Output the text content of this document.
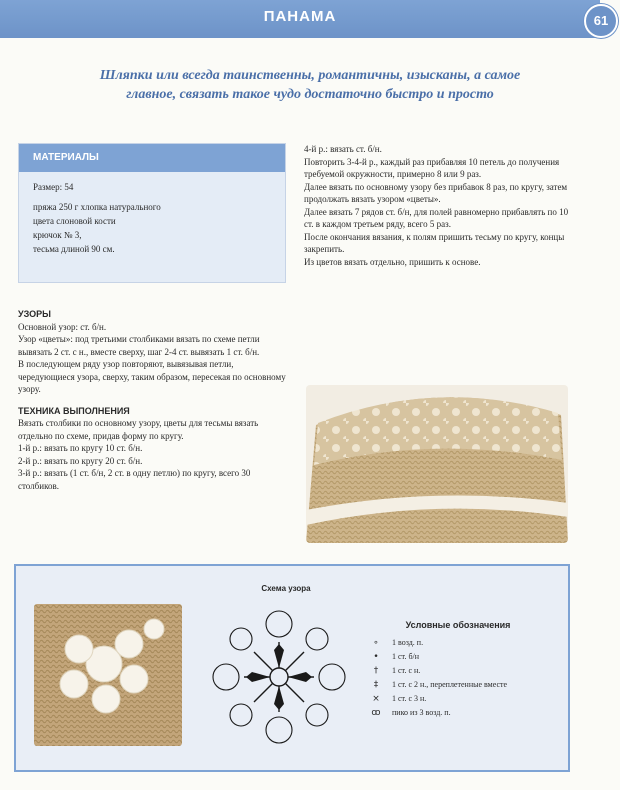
ПАНАМА	61
Шляпки или всегда таинственны, романтичны, изысканы, а самое главное, связать такое чудо достаточно быстро и просто
МАТЕРИАЛЫ

Размер: 54

пряжа 250 г хлопка натурального
цвета слоновой кости
крючок № 3,
тесьма длиной 90 см.

УЗОРЫ

Основной узор: ст. б/н.

Узор «цветы»: под третьими столбиками вязать по схеме петли вывязать 2 ст. с н., вместе сверху, шаг 2-4 ст. вывязать 1 ст. б/н.

В последующем ряду узор повторяют, вывязывая петли, чередующиеся узора, сверху, таким образом, пересекая по основному узору.

ТЕХНИКА ВЫПОЛНЕНИЯ

Вязать столбики по основному узору, цветы для тесьмы вязать отдельно по схеме, придав форму по кругу.

1-й р.: вязать по кругу 10 ст. б/н.

2-й р.: вязать по кругу 20 ст. б/н.

3-й р.: вязать (1 ст. б/н, 2 ст. в одну петлю) по кругу, всего 30 столбиков.

4-й р.: вязать ст. б/н.

Повторить 3-4-й р., каждый раз прибавляя 10 петель до получения требуемой окружности, примерно 8 или 9 раз.

Далее вязать по основному узору без прибавок 8 раз, по кругу, затем продолжать вязать узором «цветы».

Далее вязать 7 рядов ст. б/н, для полей равномерно прибавлять по 10 ст. в каждом третьем ряду, всего 5 раз.

После окончания вязания, к полям пришить тесьму по кругу, концы закрепить.

Из цветов вязать отдельно, пришить к основе.

Схема узора
Условные обозначения
∘	1 возд. п.
•	1 ст. б/н
†	1 ст. с н.
‡	1 ст. с 2 н., переплетенные вместе
×	1 ст. с 3 н.
ꝏ	пико из 3 возд. п.
